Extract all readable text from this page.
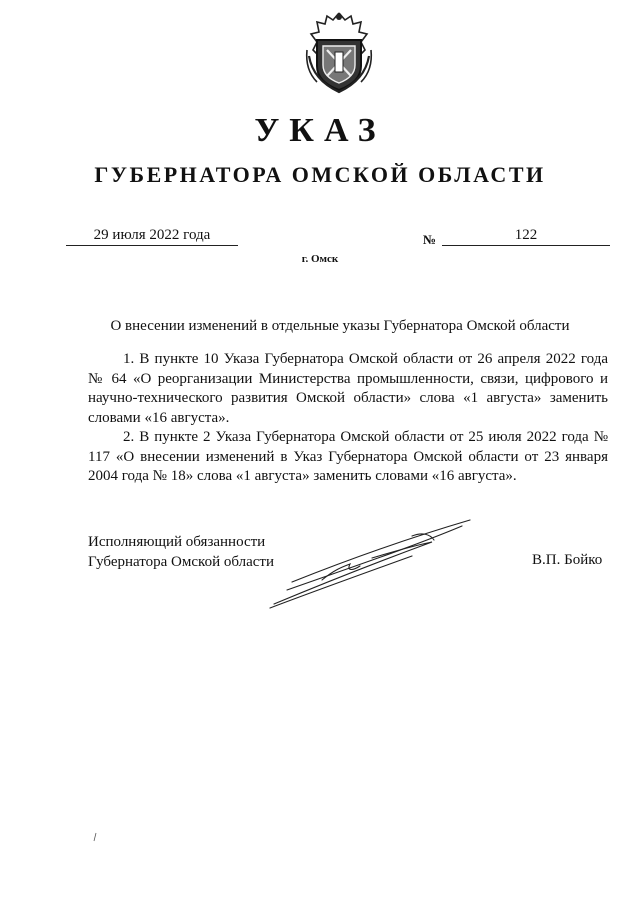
УКАЗ
ГУБЕРНАТОРА ОМСКОЙ ОБЛАСТИ
29 июля 2022 года	№	122
г. Омск
О внесении изменений в отдельные указы Губернатора Омской области
1. В пункте 10 Указа Губернатора Омской области от 26 апреля 2022 года № 64 «О реорганизации Министерства промышленности, связи, цифрового и научно-технического развития Омской области» слова «1 августа» заменить словами «16 августа».
2. В пункте 2 Указа Губернатора Омской области от 25 июля 2022 года № 117 «О внесении изменений в Указ Губернатора Омской области от 23 января 2004 года № 18» слова «1 августа» заменить словами «16 августа».
Исполняющий обязанности
Губернатора Омской области	В.П. Бойко
